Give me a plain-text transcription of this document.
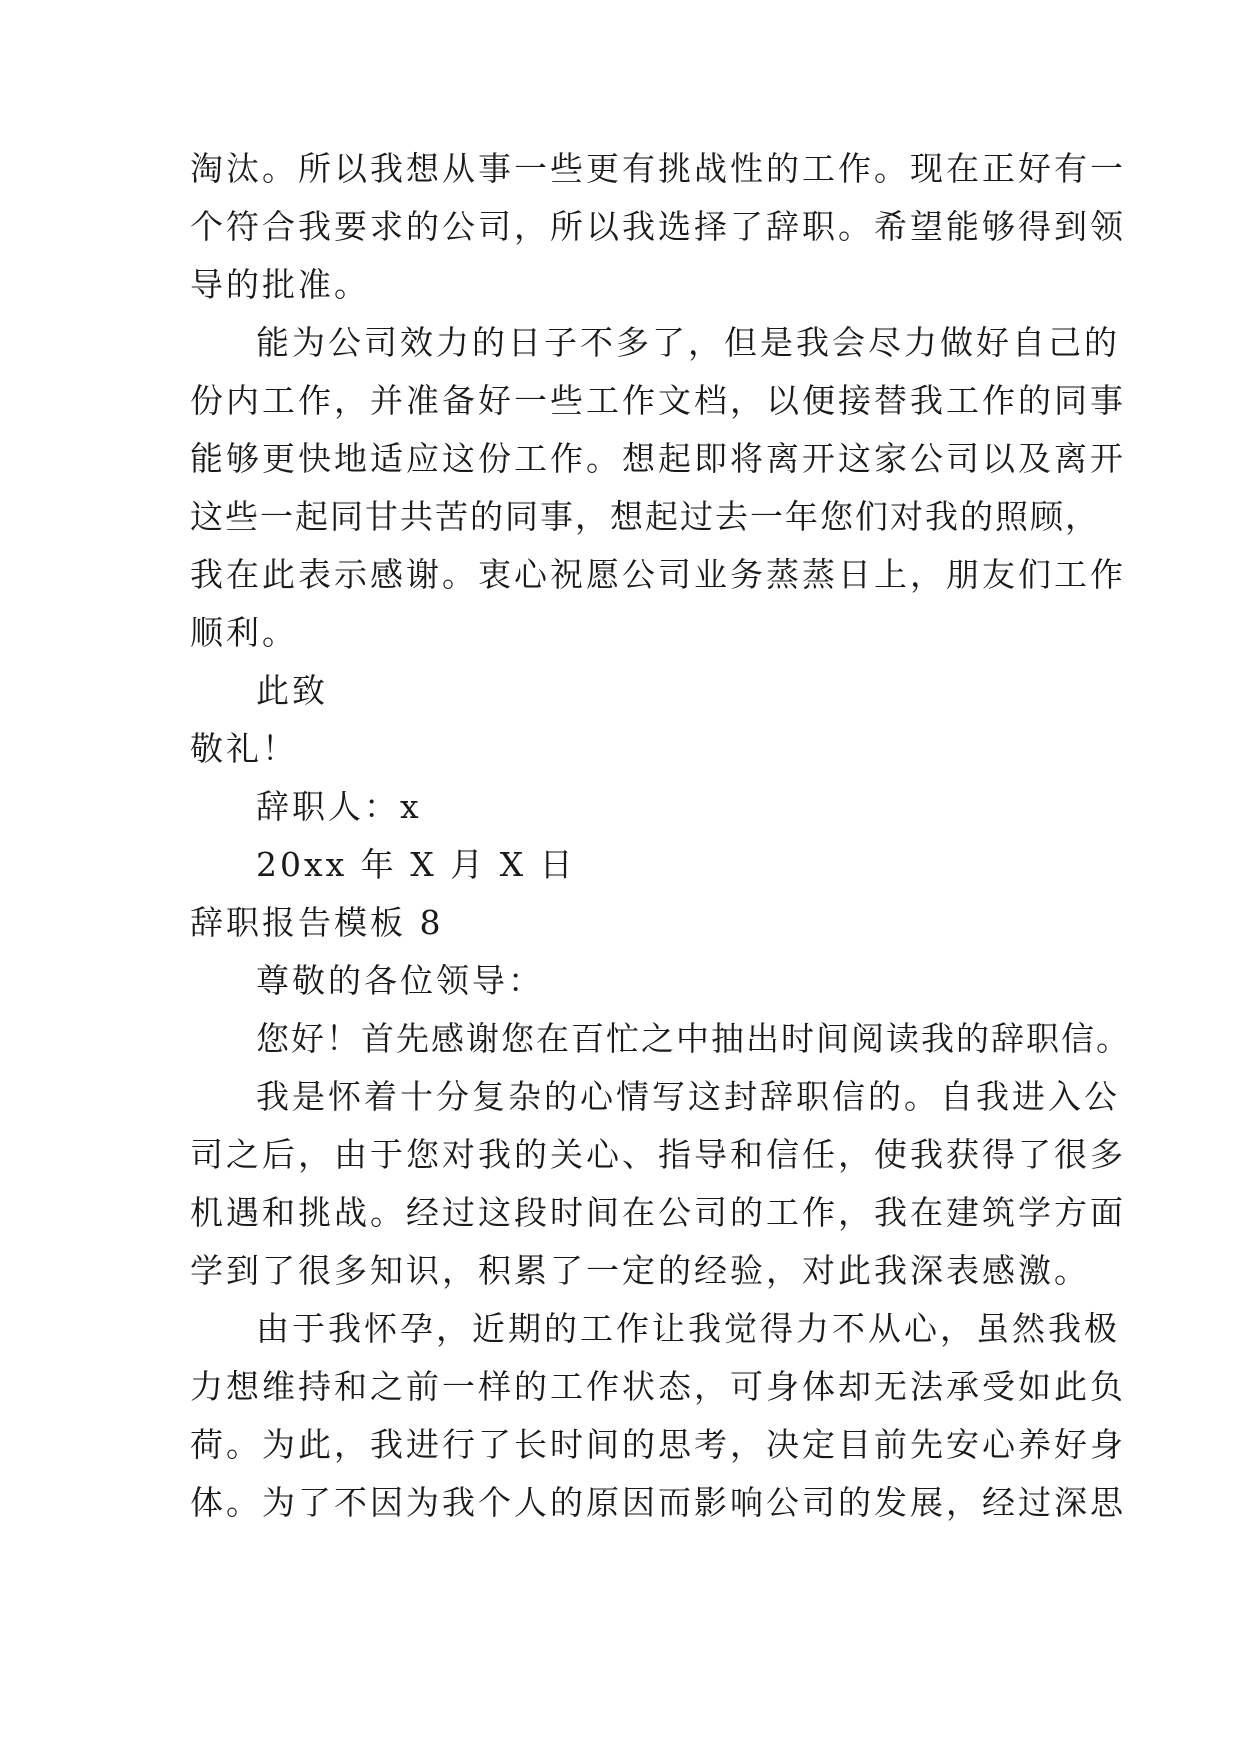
淘汰。所以我想从事一些更有挑战性的工作。现在正好有一
个符合我要求的公司，所以我选择了辞职。希望能够得到领
导的批准。
能为公司效力的日子不多了，但是我会尽力做好自己的
份内工作，并准备好一些工作文档，以便接替我工作的同事
能够更快地适应这份工作。想起即将离开这家公司以及离开
这些一起同甘共苦的同事，想起过去一年您们对我的照顾，
我在此表示感谢。衷心祝愿公司业务蒸蒸日上，朋友们工作
顺利。
此致
敬礼！
辞职人：x
20xx 年 X 月 X 日
辞职报告模板 8
尊敬的各位领导：
您好！首先感谢您在百忙之中抽出时间阅读我的辞职信。
我是怀着十分复杂的心情写这封辞职信的。自我进入公
司之后，由于您对我的关心、指导和信任，使我获得了很多
机遇和挑战。经过这段时间在公司的工作，我在建筑学方面
学到了很多知识，积累了一定的经验，对此我深表感激。
由于我怀孕，近期的工作让我觉得力不从心，虽然我极
力想维持和之前一样的工作状态，可身体却无法承受如此负
荷。为此，我进行了长时间的思考，决定目前先安心养好身
体。为了不因为我个人的原因而影响公司的发展，经过深思
